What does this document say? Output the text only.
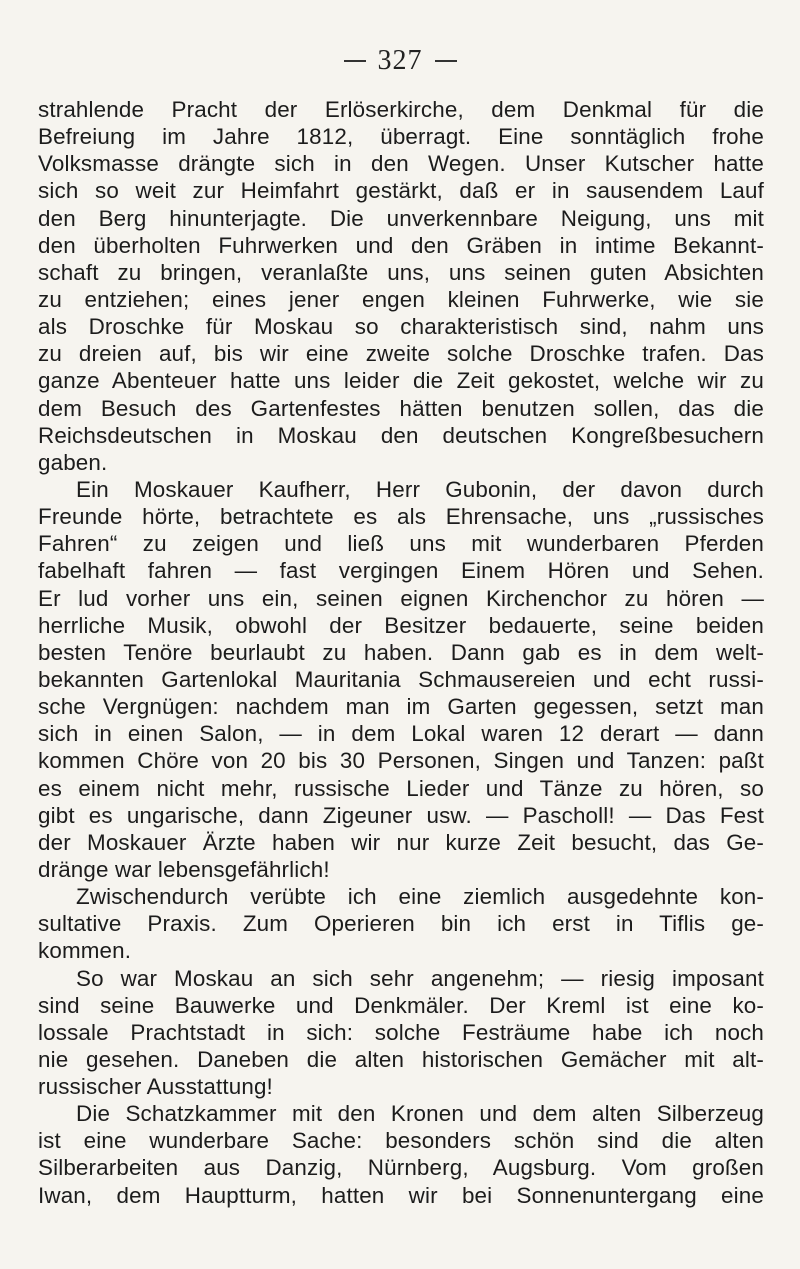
327
strahlende Pracht der Erlöserkirche, dem Denkmal für die
Befreiung im Jahre 1812, überragt. Eine sonntäglich frohe
Volksmasse drängte sich in den Wegen. Unser Kutscher hatte
sich so weit zur Heimfahrt gestärkt, daß er in sausendem Lauf
den Berg hinunterjagte. Die unverkennbare Neigung, uns mit
den überholten Fuhrwerken und den Gräben in intime Bekannt-
schaft zu bringen, veranlaßte uns, uns seinen guten Absichten
zu entziehen; eines jener engen kleinen Fuhrwerke, wie sie
als Droschke für Moskau so charakteristisch sind, nahm uns
zu dreien auf, bis wir eine zweite solche Droschke trafen. Das
ganze Abenteuer hatte uns leider die Zeit gekostet, welche wir zu
dem Besuch des Gartenfestes hätten benutzen sollen, das die
Reichsdeutschen in Moskau den deutschen Kongreßbesuchern
gaben.
Ein Moskauer Kaufherr, Herr Gubonin, der davon durch
Freunde hörte, betrachtete es als Ehrensache, uns „russisches
Fahren“ zu zeigen und ließ uns mit wunderbaren Pferden
fabelhaft fahren — fast vergingen Einem Hören und Sehen.
Er lud vorher uns ein, seinen eignen Kirchenchor zu hören —
herrliche Musik, obwohl der Besitzer bedauerte, seine beiden
besten Tenöre beurlaubt zu haben. Dann gab es in dem welt-
bekannten Gartenlokal Mauritania Schmausereien und echt russi-
sche Vergnügen: nachdem man im Garten gegessen, setzt man
sich in einen Salon, — in dem Lokal waren 12 derart — dann
kommen Chöre von 20 bis 30 Personen, Singen und Tanzen: paßt
es einem nicht mehr, russische Lieder und Tänze zu hören, so
gibt es ungarische, dann Zigeuner usw. — Pascholl! — Das Fest
der Moskauer Ärzte haben wir nur kurze Zeit besucht, das Ge-
dränge war lebensgefährlich!
Zwischendurch verübte ich eine ziemlich ausgedehnte kon-
sultative Praxis. Zum Operieren bin ich erst in Tiflis ge-
kommen.
So war Moskau an sich sehr angenehm; — riesig imposant
sind seine Bauwerke und Denkmäler. Der Kreml ist eine ko-
lossale Prachtstadt in sich: solche Festräume habe ich noch
nie gesehen. Daneben die alten historischen Gemächer mit alt-
russischer Ausstattung!
Die Schatzkammer mit den Kronen und dem alten Silberzeug
ist eine wunderbare Sache: besonders schön sind die alten
Silberarbeiten aus Danzig, Nürnberg, Augsburg. Vom großen
Iwan, dem Hauptturm, hatten wir bei Sonnenuntergang eine
